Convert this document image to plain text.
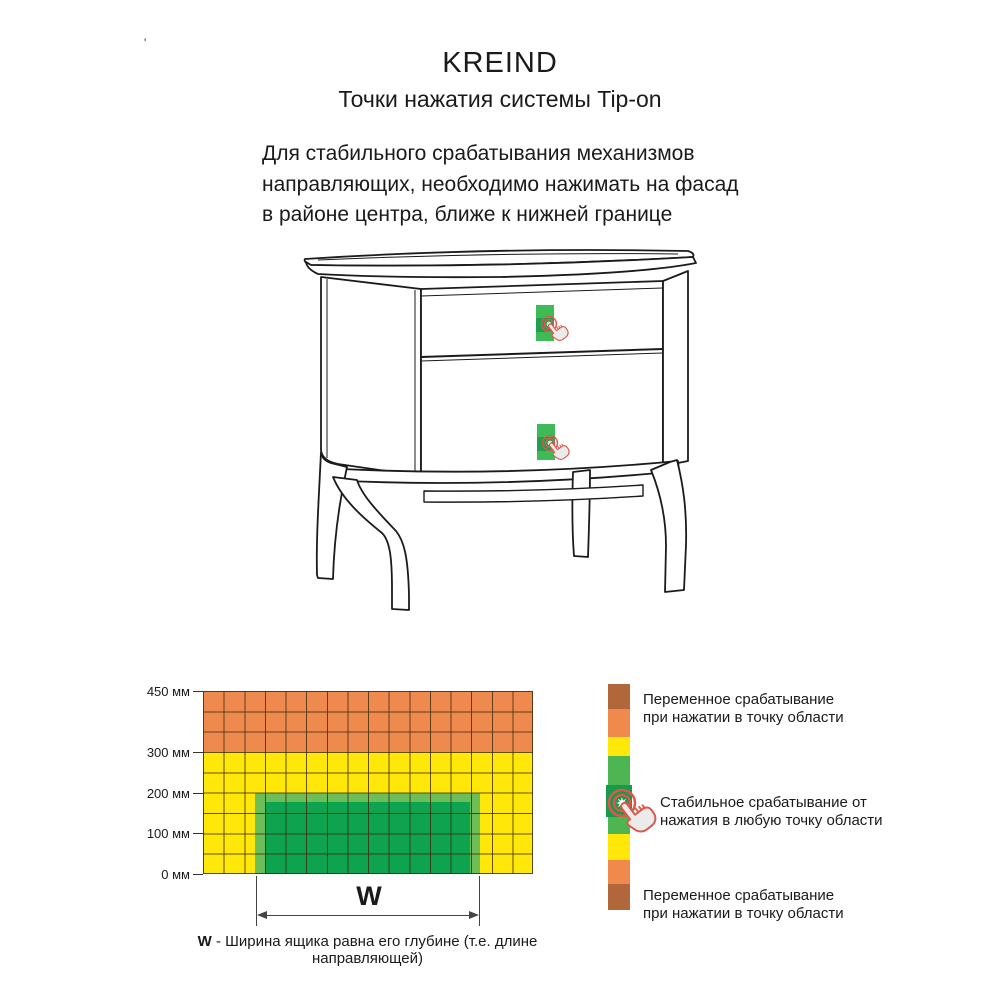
'
KREIND
Точки нажатия системы Tip-on
Для стабильного срабатывания механизмов
направляющих, необходимо нажимать на фасад
в районе центра, ближе к нижней границе
450 мм
300 мм
200 мм
100 мм
0 мм
W
W - Ширина ящика равна его глубине (т.е. длине направляющей)
Переменное срабатывание
при нажатии в точку области
Стабильное срабатывание от
нажатия в любую точку области
Переменное срабатывание
при нажатии в точку области
